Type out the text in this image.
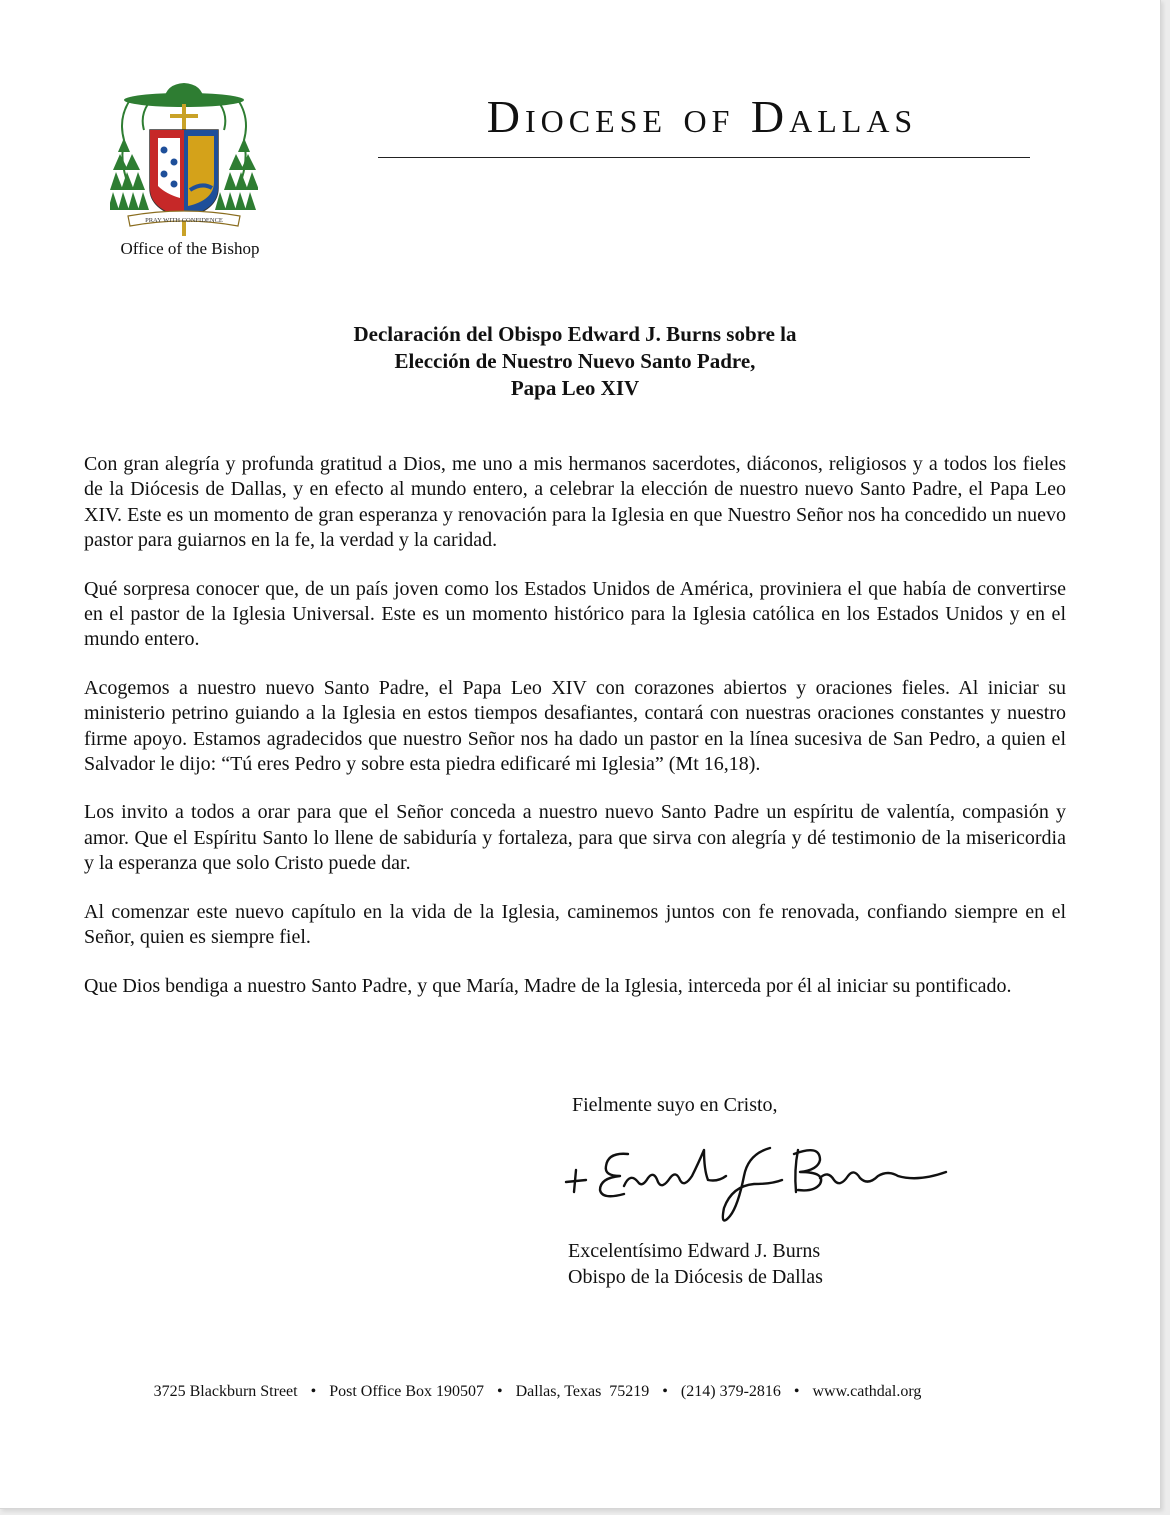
PRAY WITH CONFIDENCE
Office of the Bishop
Diocese of Dallas
Declaración del Obispo Edward J. Burns sobre la
Elección de Nuestro Nuevo Santo Padre,
Papa Leo XIV

Con gran alegría y profunda gratitud a Dios, me uno a mis hermanos sacerdotes, diáconos, religiosos y a todos los fieles de la Diócesis de Dallas, y en efecto al mundo entero, a celebrar la elección de nuestro nuevo Santo Padre, el Papa Leo XIV. Este es un momento de gran esperanza y renovación para la Iglesia en que Nuestro Señor nos ha concedido un nuevo pastor para guiarnos en la fe, la verdad y la caridad.

Qué sorpresa conocer que, de un país joven como los Estados Unidos de América, proviniera el que había de convertirse en el pastor de la Iglesia Universal. Este es un momento histórico para la Iglesia católica en los Estados Unidos y en el mundo entero.

Acogemos a nuestro nuevo Santo Padre, el Papa Leo XIV con corazones abiertos y oraciones fieles. Al iniciar su ministerio petrino guiando a la Iglesia en estos tiempos desafiantes, contará con nuestras oraciones constantes y nuestro firme apoyo. Estamos agradecidos que nuestro Señor nos ha dado un pastor en la línea sucesiva de San Pedro, a quien el Salvador le dijo: “Tú eres Pedro y sobre esta piedra edificaré mi Iglesia” (Mt 16,18).

Los invito a todos a orar para que el Señor conceda a nuestro nuevo Santo Padre un espíritu de valentía, compasión y amor. Que el Espíritu Santo lo llene de sabiduría y fortaleza, para que sirva con alegría y dé testimonio de la misericordia y la esperanza que solo Cristo puede dar.

Al comenzar este nuevo capítulo en la vida de la Iglesia, caminemos juntos con fe renovada, confiando siempre en el Señor, quien es siempre fiel.

Que Dios bendiga a nuestro Santo Padre, y que María, Madre de la Iglesia, interceda por él al iniciar su pontificado.

Fielmente suyo en Cristo,
Excelentísimo Edward J. Burns
Obispo de la Diócesis de Dallas
3725 Blackburn Street • Post Office Box 190507 • Dallas, Texas  75219 • (214) 379-2816 • www.cathdal.org
